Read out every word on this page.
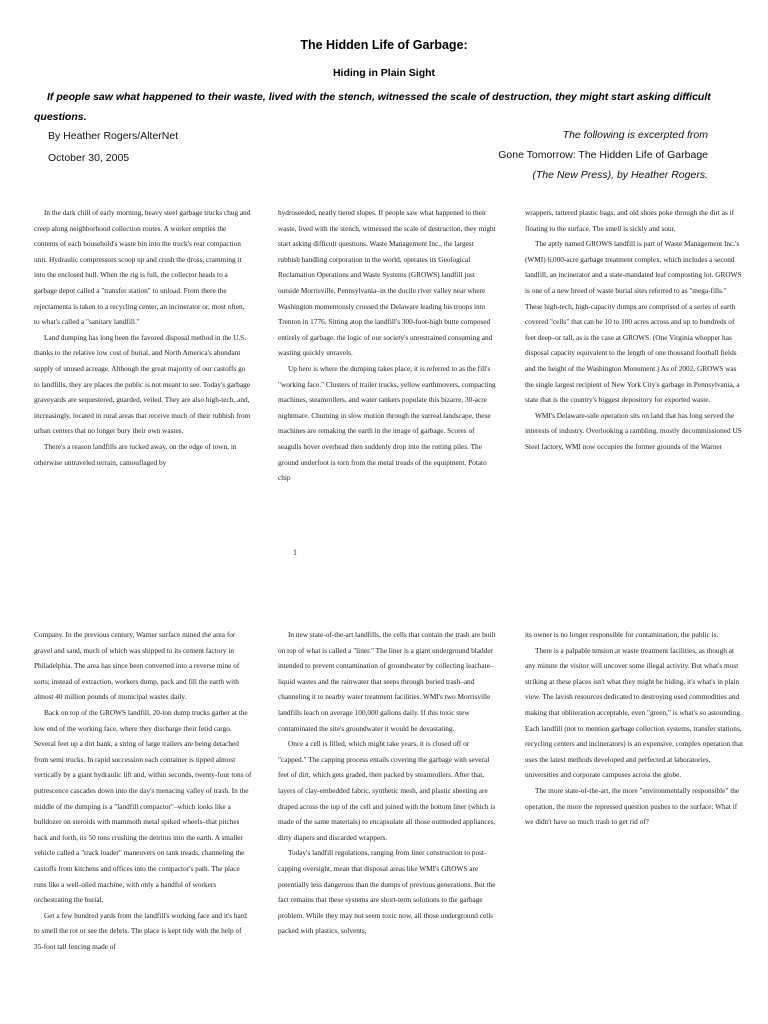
The Hidden Life of Garbage:
Hiding in Plain Sight
If people saw what happened to their waste, lived with the stench, witnessed the scale of destruction, they might start asking difficult questions.
By Heather Rogers/AlterNet
October 30, 2005
The following is excerpted from
Gone Tomorrow: The Hidden Life of Garbage
(The New Press), by Heather Rogers.

In the dark chill of early morning, heavy steel garbage trucks chug and creep along neighborhood collection routes. A worker empties the contents of each household's waste bin into the truck's rear compaction unit. Hydraulic compressors scoop up and crush the dross, cramming it into the enclosed hull. When the rig is full, the collector heads to a garbage depot called a "transfer station" to unload. From there the rejectamenta is taken to a recycling center, an incinerator or, most often, to what's called a "sanitary landfill."

Land dumping has long been the favored disposal method in the U.S. thanks to the relative low cost of burial, and North America's abundant supply of unused acreage. Although the great majority of our castoffs go to landfills, they are places the public is not meant to see. Today's garbage graveyards are sequestered, guarded, veiled. They are also high-tech, and, increasingly, located in rural areas that receive much of their rubbish from urban centers that no longer bury their own wastes.

There's a reason landfills are tucked away, on the edge of town, in otherwise untraveled terrain, camouflaged by

hydroseeded, neatly tiered slopes. If people saw what happened to their waste, lived with the stench, witnessed the scale of destruction, they might start asking difficult questions. Waste Management Inc., the largest rubbish handling corporation in the world, operates its Geological Reclamation Operations and Waste Systems (GROWS) landfill just outside Morrisville, Pennsylvania–in the docile river valley near where Washington momentously crossed the Delaware leading his troops into Trenton in 1776. Sitting atop the landfill's 300-foot-high butte composed entirely of garbage, the logic of our society's unrestrained consuming and wasting quickly unravels.

Up here is where the dumping takes place; it is referred to as the fill's "working face." Clusters of trailer trucks, yellow earthmovers, compacting machines, steamrollers, and water tankers populate this bizarre, 30-acre nightmare. Churning in slow motion through the surreal landscape, these machines are remaking the earth in the image of garbage. Scores of seagulls hover overhead then suddenly drop into the rotting piles. The ground underfoot is torn from the metal treads of the equipment. Potato chip

wrappers, tattered plastic bags, and old shoes poke through the dirt as if floating to the surface. The smell is sickly and sour.

The aptly named GROWS landfill is part of Waste Management Inc.'s (WMI) 6,000-acre garbage treatment complex, which includes a second landfill, an incinerator and a state-mandated leaf composting lot. GROWS is one of a new breed of waste burial sites referred to as "mega-fills." These high-tech, high-capacity dumps are comprised of a series of earth covered "cells" that can be 10 to 100 acres across and up to hundreds of feet deep–or tall, as is the case at GROWS. (One Virginia whopper has disposal capacity equivalent to the length of one thousand football fields and the height of the Washington Monument.) As of 2002, GROWS was the single largest recipient of New York City's garbage in Pennsylvania, a state that is the country's biggest depository for exported waste.

WMI's Delaware-side operation sits on land that has long served the interests of industry. Overlooking a rambling, mostly decommissioned US Steel factory, WMI now occupies the former grounds of the Warner

1

Company. In the previous century, Warner surface mined the area for gravel and sand, much of which was shipped to its cement factory in Philadelphia. The area has since been converted into a reverse mine of sorts; instead of extraction, workers dump, pack and fill the earth with almost 40 million pounds of municipal wastes daily.

Back on top of the GROWS landfill, 20-ton dump trucks gather at the low end of the working face, where they discharge their fetid cargo. Several feet up a dirt bank, a string of large trailers are being detached from semi trucks. In rapid succession each container is tipped almost vertically by a giant hydraulic lift and, within seconds, twenty-four tons of putrescence cascades down into the day's menacing valley of trash. In the middle of the dumping is a "landfill compactor"–which looks like a bulldozer on steroids with mammoth metal spiked wheels–that pitches back and forth, its 50 tons crushing the detritus into the earth. A smaller vehicle called a "track loader" maneuvers on tank treads, channeling the castoffs from kitchens and offices into the compactor's path. The place runs like a well-oiled machine, with only a handful of workers orchestrating the burial.

Get a few hundred yards from the landfill's working face and it's hard to smell the rot or see the debris. The place is kept tidy with the help of 35-foot tall fencing made of

In new state-of-the-art landfills, the cells that contain the trash are built on top of what is called a "liner." The liner is a giant underground bladder intended to prevent contamination of groundwater by collecting leachate–liquid wastes and the rainwater that seeps through buried trash–and channeling it to nearby water treatment facilities. WMI's two Morrisville landfills leach on average 100,000 gallons daily. If this toxic stew contaminated the site's groundwater it would be devastating.

Once a cell is filled, which might take years, it is closed off or "capped." The capping process entails covering the garbage with several feet of dirt, which gets graded, then packed by steamrollers. After that, layers of clay-embedded fabric, synthetic mesh, and plastic sheeting are draped across the top of the cell and joined with the bottom liner (which is made of the same materials) to encapsulate all those outmoded appliances, dirty diapers and discarded wrappers.

Today's landfill regulations, ranging from liner construction to post-capping oversight, mean that disposal areas like WMI's GROWS are potentially less dangerous than the dumps of previous generations. But the fact remains that these systems are short-term solutions to the garbage problem. While they may not seem toxic now, all those underground cells packed with plastics, solvents,

its owner is no longer responsible for contamination, the public is.

There is a palpable tension at waste treatment facilities, as though at any minute the visitor will uncover some illegal activity. But what's most striking at these places isn't what they might be hiding, it's what's in plain view. The lavish resources dedicated to destroying used commodities and making that obliteration acceptable, even "green," is what's so astounding. Each landfill (not to mention garbage collection systems, transfer stations, recycling centers and incinerators) is an expensive, complex operation that uses the latest methods developed and perfected at laboratories, universities and corporate campuses across the globe.

The more state-of-the-art, the more "environmentally responsible" the operation, the more the repressed question pushes to the surface: What if we didn't have so much trash to get rid of?
